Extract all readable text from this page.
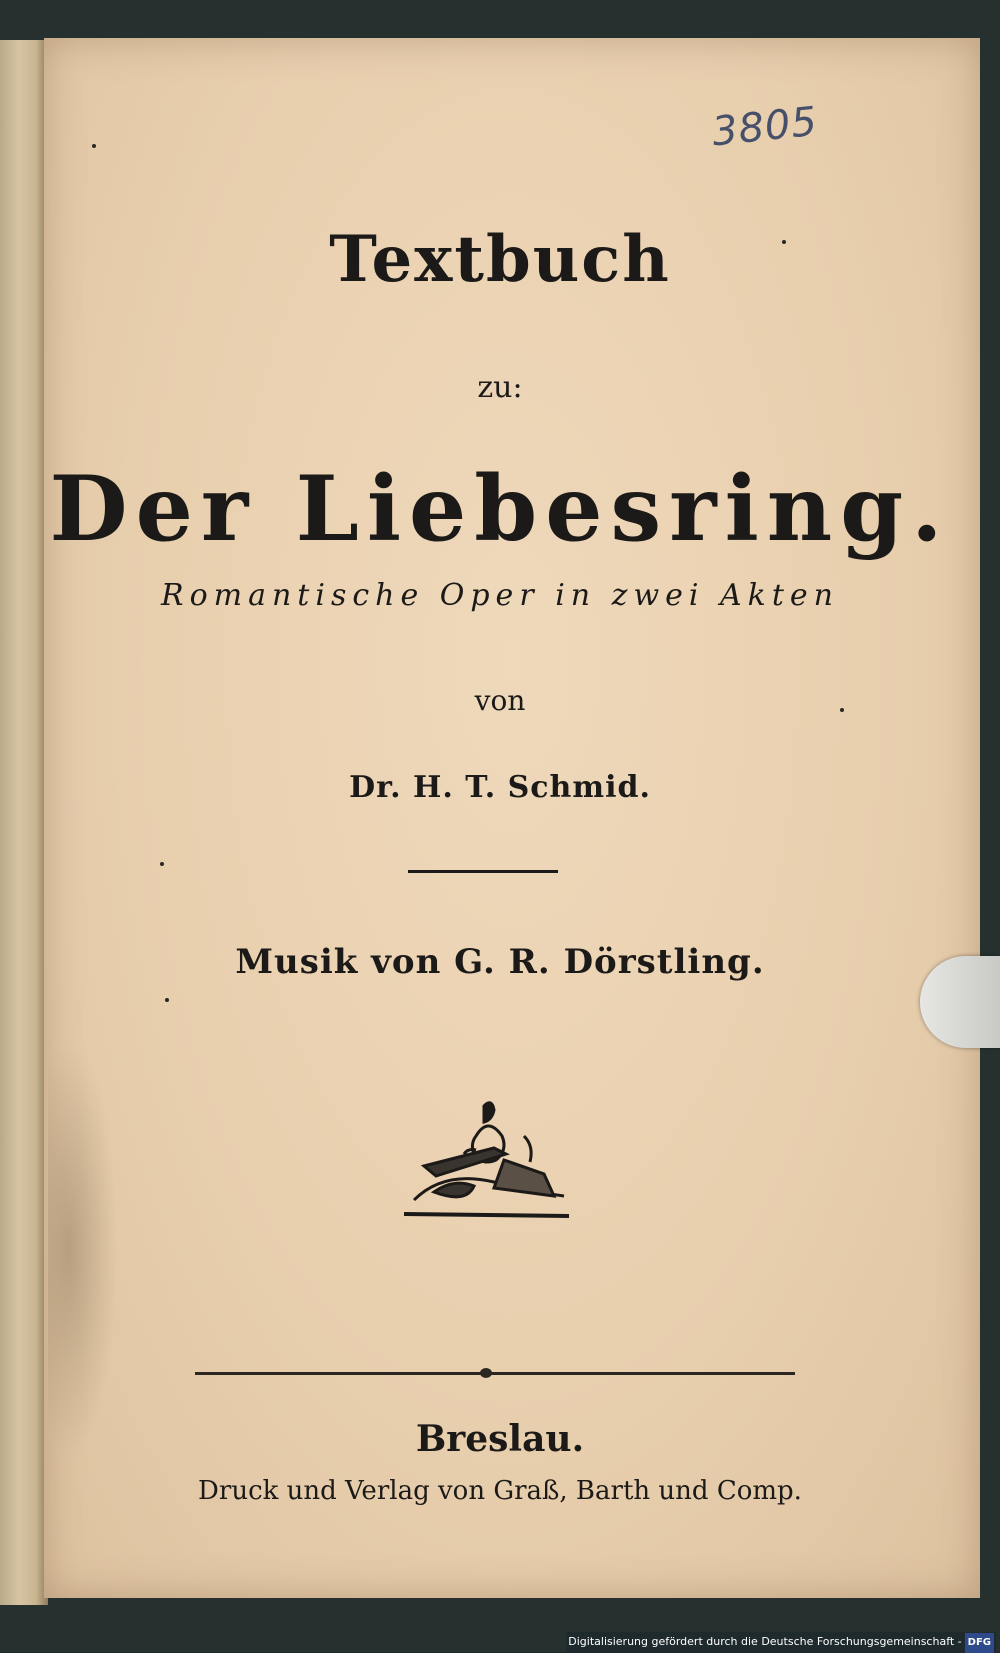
3805
Textbuch
zu:
Der Liebesring.
Romantische Oper in zwei Akten
von
Dr. H. T. Schmid.
Musik von G. R. Dörstling.
Breslau.
Druck und Verlag von Graß, Barth und Comp.
Digitalisierung gefördert durch die Deutsche Forschungsgemeinschaft - DFG
